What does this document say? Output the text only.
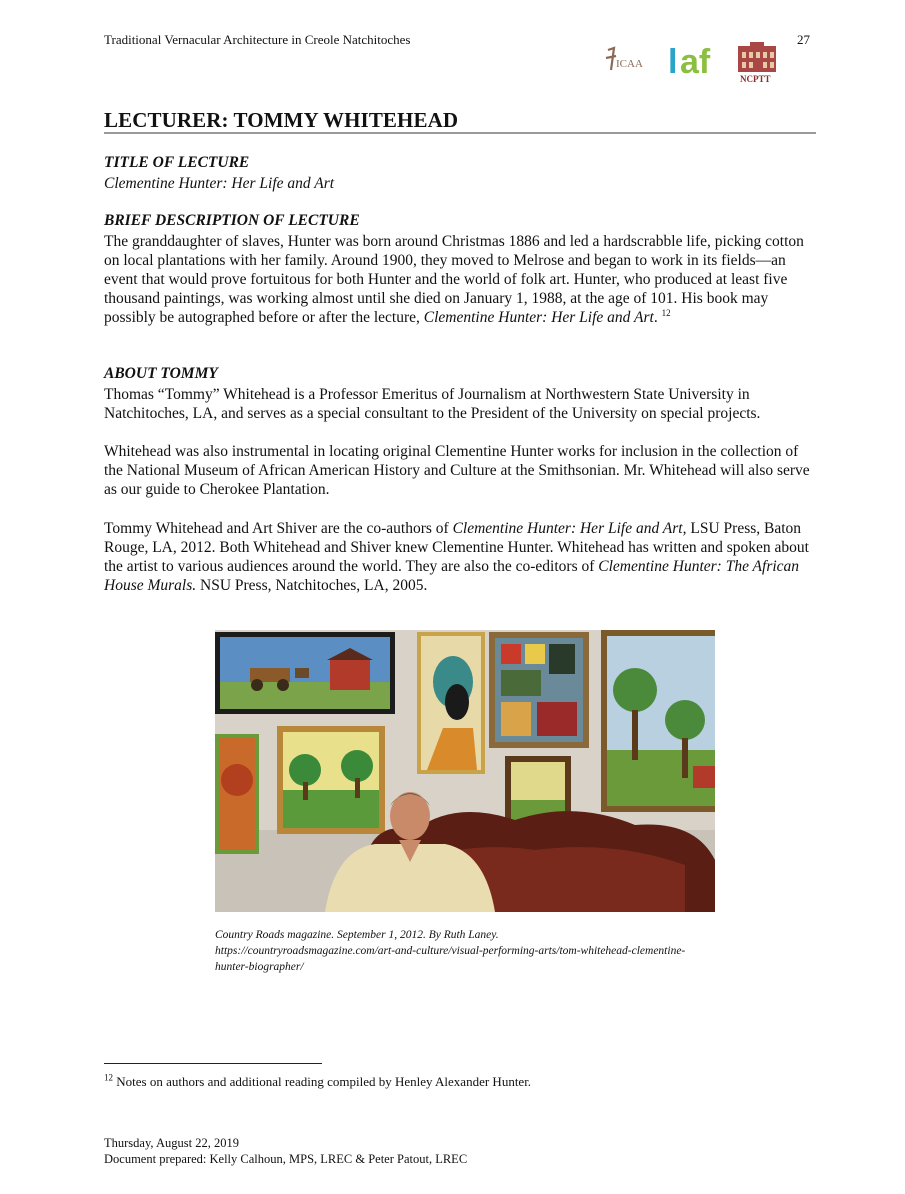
Traditional Vernacular Architecture in Creole Natchitoches	27
ICAA l af	NCPTT
LECTURER: TOMMY WHITEHEAD
TITLE OF LECTURE
Clementine Hunter: Her Life and Art
BRIEF DESCRIPTION OF LECTURE
The granddaughter of slaves, Hunter was born around Christmas 1886 and led a hardscrabble life, picking cotton on local plantations with her family. Around 1900, they moved to Melrose and began to work in its fields—an event that would prove fortuitous for both Hunter and the world of folk art. Hunter, who produced at least five thousand paintings, was working almost until she died on January 1, 1988, at the age of 101. His book may possibly be autographed before or after the lecture, Clementine Hunter: Her Life and Art. $^{12}$
ABOUT TOMMY
Thomas “Tommy” Whitehead is a Professor Emeritus of Journalism at Northwestern State University in Natchitoches, LA, and serves as a special consultant to the President of the University on special projects.
Whitehead was also instrumental in locating original Clementine Hunter works for inclusion in the collection of the National Museum of African American History and Culture at the Smithsonian. Mr. Whitehead will also serve as our guide to Cherokee Plantation.
Tommy Whitehead and Art Shiver are the co-authors of Clementine Hunter: Her Life and Art, LSU Press, Baton Rouge, LA, 2012. Both Whitehead and Shiver knew Clementine Hunter. Whitehead has written and spoken about the artist to various audiences around the world. They are also the co-editors of Clementine Hunter: The African House Murals. NSU Press, Natchitoches, LA, 2005.
Country Roads magazine. September 1, 2012. By Ruth Laney.
https://countryroadsmagazine.com/art-and-culture/visual-performing-arts/tom-whitehead-clementine-hunter-biographer/
$^{12}$ Notes on authors and additional reading compiled by Henley Alexander Hunter.
Thursday, August 22, 2019
Document prepared: Kelly Calhoun, MPS, LREC & Peter Patout, LREC
